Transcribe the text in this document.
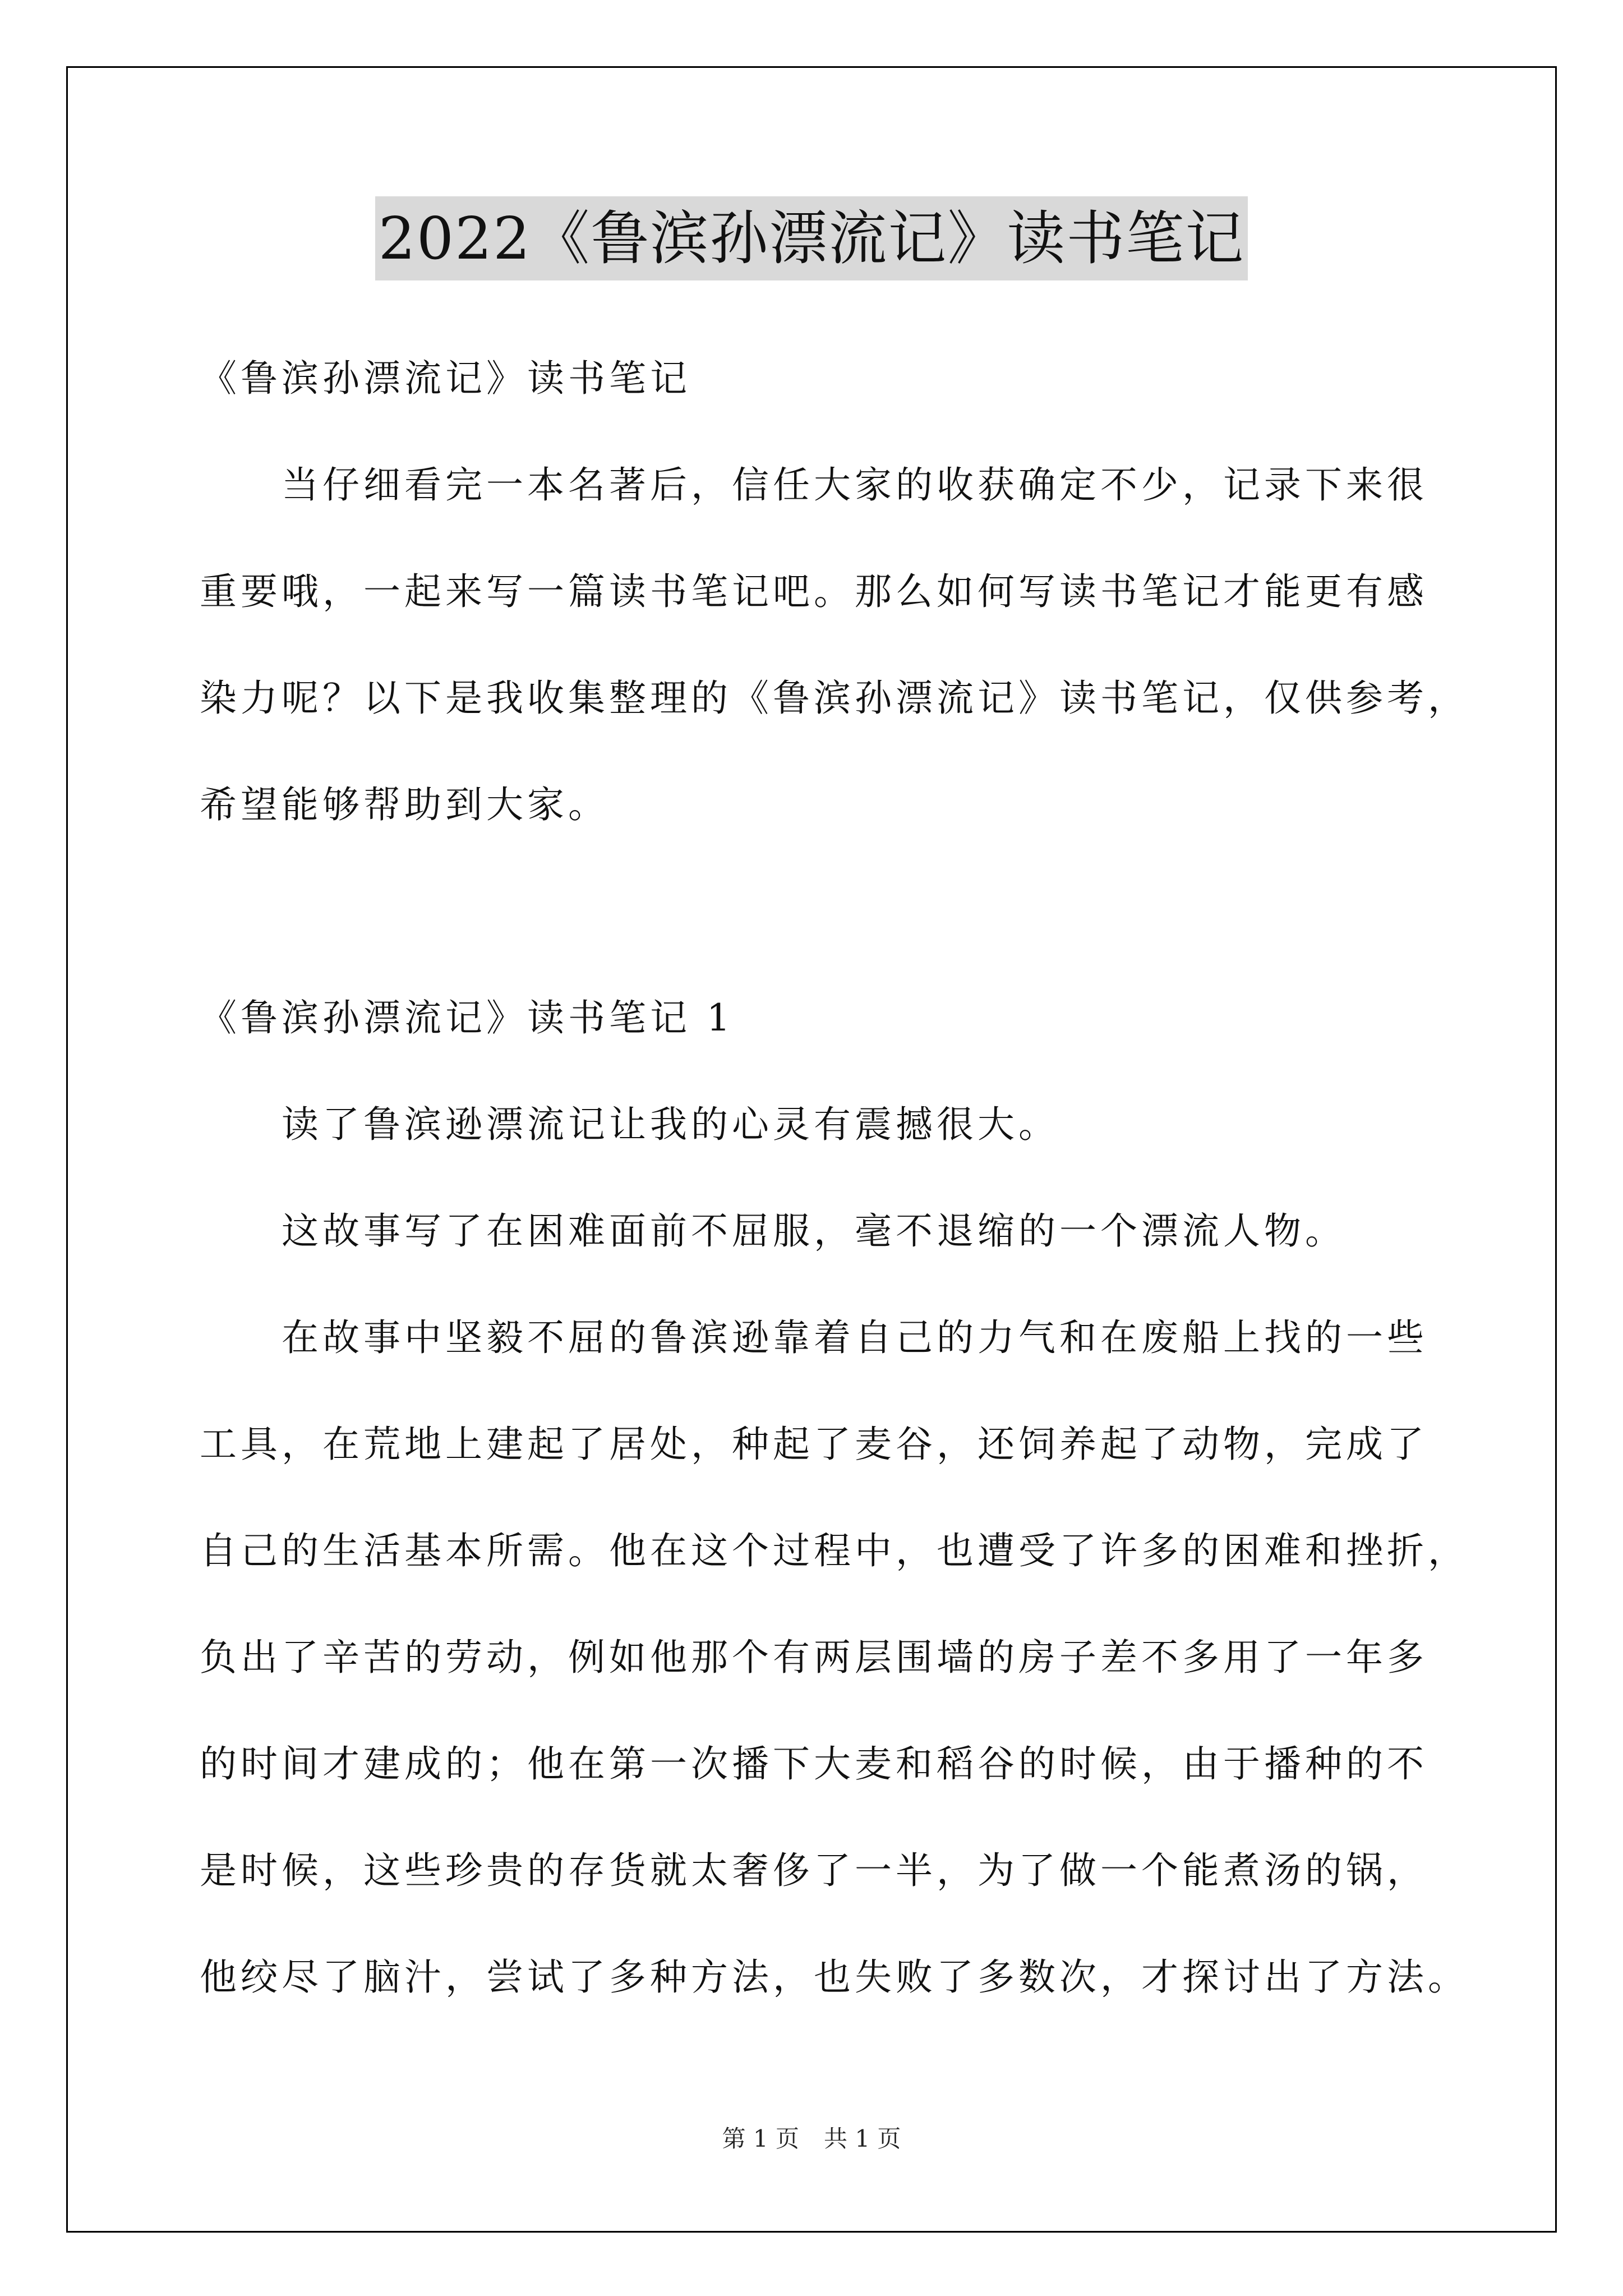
2022《鲁滨孙漂流记》读书笔记
《鲁滨孙漂流记》读书笔记
当仔细看完一本名著后，信任大家的收获确定不少，记录下来很
重要哦，一起来写一篇读书笔记吧。那么如何写读书笔记才能更有感
染力呢？以下是我收集整理的《鲁滨孙漂流记》读书笔记，仅供参考，
希望能够帮助到大家。
《鲁滨孙漂流记》读书笔记 1
读了鲁滨逊漂流记让我的心灵有震撼很大。
这故事写了在困难面前不屈服，毫不退缩的一个漂流人物。
在故事中坚毅不屈的鲁滨逊靠着自己的力气和在废船上找的一些
工具，在荒地上建起了居处，种起了麦谷，还饲养起了动物，完成了
自己的生活基本所需。他在这个过程中，也遭受了许多的困难和挫折，
负出了辛苦的劳动，例如他那个有两层围墙的房子差不多用了一年多
的时间才建成的；他在第一次播下大麦和稻谷的时候，由于播种的不
是时候，这些珍贵的存货就太奢侈了一半，为了做一个能煮汤的锅，
他绞尽了脑汁，尝试了多种方法，也失败了多数次，才探讨出了方法。
第 1 页 共 1 页
